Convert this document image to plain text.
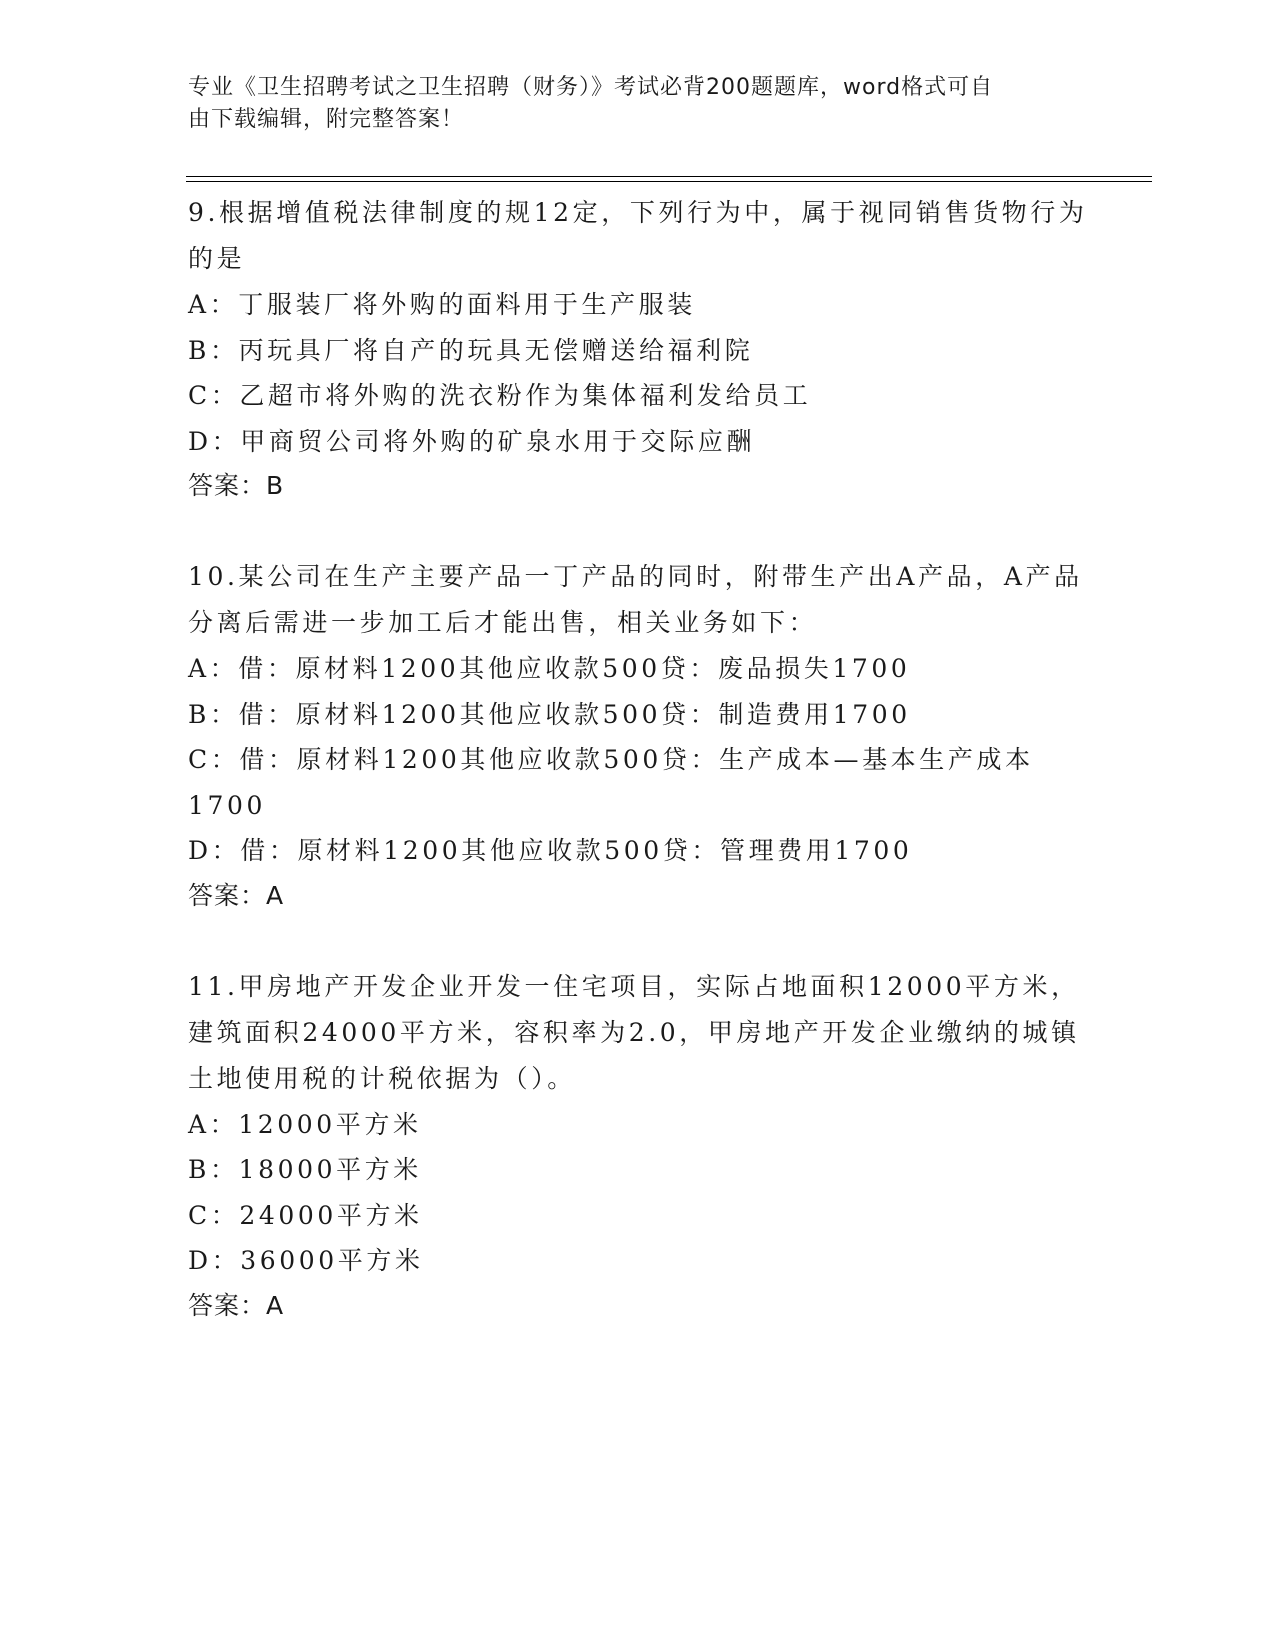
专业《卫生招聘考试之卫生招聘（财务）》考试必背200题题库，word格式可自
由下载编辑，附完整答案！
9.根据增值税法律制度的规12定，下列行为中，属于视同销售货物行为的是
A：丁服装厂将外购的面料用于生产服装
B：丙玩具厂将自产的玩具无偿赠送给福利院
C：乙超市将外购的洗衣粉作为集体福利发给员工
D：甲商贸公司将外购的矿泉水用于交际应酬
答案：B
10.某公司在生产主要产品一丁产品的同时，附带生产出A产品，A产品分离后需进一步加工后才能出售，相关业务如下：
A：借：原材料1200其他应收款500贷：废品损失1700
B：借：原材料1200其他应收款500贷：制造费用1700
C：借：原材料1200其他应收款500贷：生产成本—基本生产成本1700
D：借：原材料1200其他应收款500贷：管理费用1700
答案：A
11.甲房地产开发企业开发一住宅项目，实际占地面积12000平方米，建筑面积24000平方米，容积率为2.0，甲房地产开发企业缴纳的城镇土地使用税的计税依据为（）。
A：12000平方米
B：18000平方米
C：24000平方米
D：36000平方米
答案：A
